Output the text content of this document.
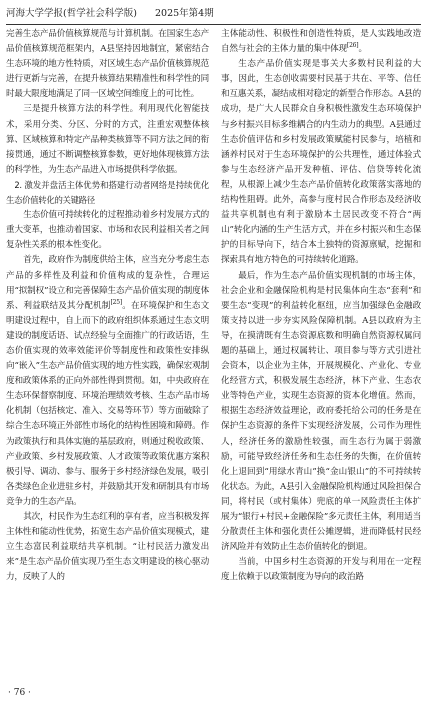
河海大学学报(哲学社会科学版) 2025年第4期

完善生态产品价值核算规范与计算机制。在国家生态产品价值核算规范框架内，A县坚持因地制宜，紧密结合生态环境的地方性特质，对区域生态产品价值核算规范进行更新与完善，在提升核算结果精准性和科学性的同时最大限度地满足了同一区域空间维度上的可比性。

三是提升核算方法的科学性。利用现代化智能技术，采用分类、分区、分时的方式，注重宏观整体核算、区域核算和特定产品种类核算等不同方法之间的衔接贯通，通过不断调整核算参数，更好地体现核算方法的科学性，为生态产品进入市场提供科学依据。

2. 激发并盘活主体优势和搭建行动者网络是持续优化生态价值转化的关键路径

生态价值可持续转化的过程推动着乡村发展方式的重大变革，也推动着国家、市场和农民利益相关者之间复杂性关系的根本性变化。

首先，政府作为制度供给主体，应当充分考虑生态产品的多样性及利益和价值构成的复杂性，合理运用“拟制权”设立和完善保障生态产品价值实现的制度体系、利益联结及其分配机制[25]。在环境保护和生态文明建设过程中，自上而下的政府组织体系通过生态文明建设的制度话语、试点经验与全面推广的行政话语，生态价值实现的效率效能评价等制度性和政策性安排纵向“嵌入”生态产品价值实现的地方性实践，确保宏观制度和政策体系的正向外部性得到贯彻。如，中央政府在生态环保督察制度、环境治理绩效考核、生态产品市场化机制（包括核定、准入、交易等环节）等方面破除了综合生态环境正外部性市场化的结构性困境和障碍。作为政策执行和具体实施的基层政府，则通过税收政策、产业政策、乡村发展政策、人才政策等政策优惠方案积极引导、调动、参与、服务于乡村经济绿色发展，吸引各类绿色企业进驻乡村，并鼓励其开发和研制具有市场竞争力的生态产品。

其次，村民作为生态红利的享有者，应当积极发挥主体性和能动性优势，拓宽生态产品价值实现模式，建立生态富民利益联结共享机制。“让村民活力激发出来”是生态产品价值实现乃至生态文明建设的核心驱动力，反映了人的

主体能动性、积极性和创造性特质，是人实践地改造自然与社会的主体力量的集中体现[26]。

生态产品价值实现是事关大多数村民利益的大事，因此，生态创收需要村民基于共在、平等、信任和互惠关系，凝结成相对稳定的新型合作形态。A县的成功，是广大人民群众自身积极性激发生态环境保护与乡村振兴目标多维耦合的内生动力的典型。A县通过生态价值评估和乡村发展政策赋能村民参与，培植和涵养村民对于生态环境保护的公共理性，通过体验式参与生态经济产品开发种植、评估、信贷等转化流程，从根源上减少生态产品价值转化政策落实落地的结构性阻碍。此外，高参与度村民合作形态及经济收益共享机制也有利于激励本土居民改变不符合“两山”转化内涵的生产生活方式，并在乡村振兴和生态保护的目标导向下，结合本土独特的资源禀赋，挖掘和探索具有地方特色的可持续转化道路。

最后，作为生态产品价值实现机制的市场主体，社会企业和金融保险机构是村民集体向生态“套利”和要生态“变现”的利益转化枢纽，应当加强绿色金融政策支持以进一步夯实风险保障机制。A县以政府为主导，在摸清既有生态资源底数和明确自然资源权属问题的基础上，通过权属转让、项目参与等方式引进社会资本，以企业为主体，开展规模化、产业化、专业化经营方式，积极发展生态经济，林下产业、生态农业等特色产业，实现生态资源的资本化增值。然而，根据生态经济效益理论，政府委托给公司的任务是在保护生态资源的条件下实现经济发展，公司作为理性人，经济任务的激励性较强，而生态行为属于弱激励，可能导致经济任务和生态任务的失衡，在价值转化上退回到“用绿水青山”换“金山银山”的不可持续转化状态。为此，A县引入金融保险机构通过风险担保合同，将村民（或村集体）兜底的单一风险责任主体扩展为“银行+村民+金融保险”多元责任主体，利用适当分散责任主体和强化责任公摊逻辑，进而降低村民经济风险并有效防止生态价值转化的倒退。

当前，中国乡村生态资源的开发与利用在一定程度上依赖于以政策制度为导向的政治路

· 76 ·
